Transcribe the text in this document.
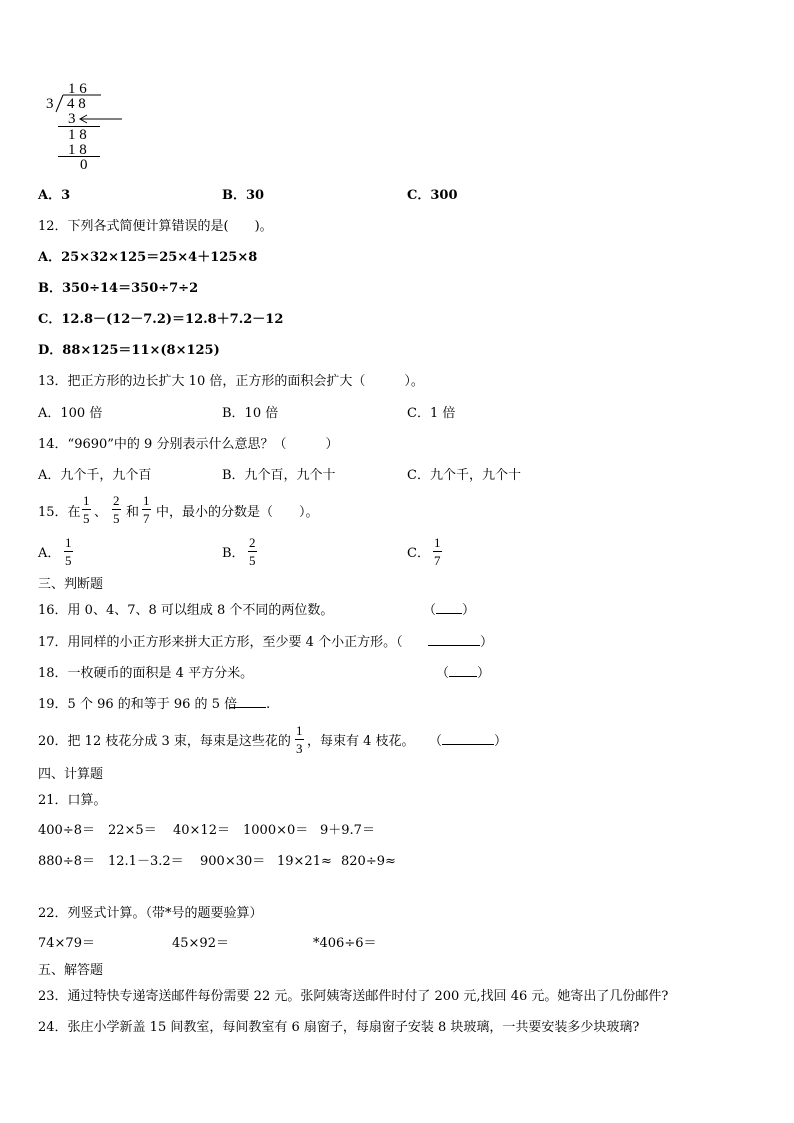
1 6
3 4 8
3
1 8
1 8
0
A．3	B．30	C．300
12．下列各式简便计算错误的是(　　)。
A．25×32×125＝25×4＋125×8
B．350÷14＝350÷7÷2
C．12.8－(12－7.2)＝12.8＋7.2－12
D．88×125＝11×(8×125)
13．把正方形的边长扩大 10 倍，正方形的面积会扩大（　　　）。
A．100 倍	B．10 倍	C．1 倍
14．“9690”中的 9 分别表示什么意思？（　　　）
A．九个千，九个百	B．九个百，九个十	C．九个千，九个十
15．在
1
5 、
2
5 和
1
7 中，最小的分数是（　　）。
A．
1
5	B．
2
5	C．
1
7
三、判断题
16．用 0、4、7、8 可以组成 8 个不同的两位数。	（ ）
17．用同样的小正方形来拼大正方形，至少要 4 个小正方形。（	）
18．一枚硬币的面积是 4 平方分米。	（ ）
19．5 个 96 的和等于 96 的 5 倍	.
20．把 12 枝花分成 3 束，每束是这些花的
1
3 ，每束有 4 枝花。 （	）
四、计算题
21．口算。
400÷8＝ 22×5＝ 40×12＝ 1000×0＝ 9＋9.7＝
880÷8＝ 12.1－3.2＝ 900×30＝ 19×21≈ 820÷9≈
22．列竖式计算。（带*号的题要验算）
74×79＝	45×92＝	*406÷6＝
五、解答题
23．通过特快专递寄送邮件每份需要 22 元。张阿姨寄送邮件时付了 200 元,找回 46 元。她寄出了几份邮件?
24．张庄小学新盖 15 间教室，每间教室有 6 扇窗子，每扇窗子安装 8 块玻璃，一共要安装多少块玻璃?
